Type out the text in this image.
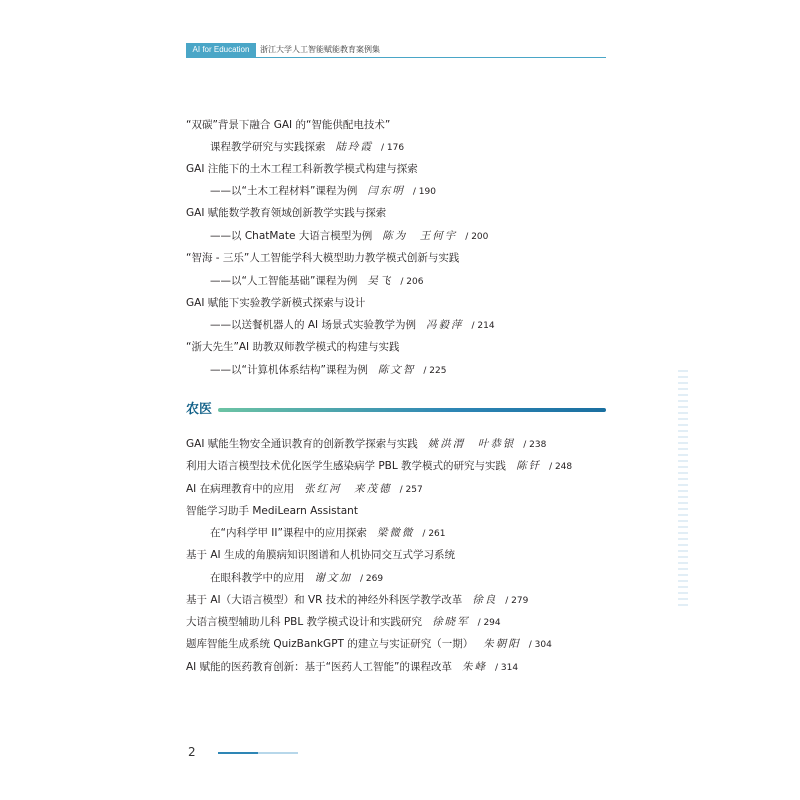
AI for Education	浙江大学人工智能赋能教育案例集
“双碳”背景下融合 GAI 的“智能供配电技术”
课程教学研究与实践探索 陆玲霞 / 176
GAI 注能下的土木工程工科新教学模式构建与探索
——以“土木工程材料”课程为例 闫东明 / 190
GAI 赋能数学教育领域创新教学实践与探索
——以 ChatMate 大语言模型为例 陈为　王何宇 / 200
“智海 - 三乐”人工智能学科大模型助力教学模式创新与实践
——以“人工智能基础”课程为例 吴飞 / 206
GAI 赋能下实验教学新模式探索与设计
——以送餐机器人的 AI 场景式实验教学为例 冯毅萍 / 214
“浙大先生”AI 助教双师教学模式的构建与实践
——以“计算机体系结构”课程为例 陈文智 / 225
GAI 赋能生物安全通识教育的创新教学探索与实践 姚洪渭　叶恭银 / 238
利用大语言模型技术优化医学生感染病学 PBL 教学模式的研究与实践 陈钎 / 248
AI 在病理教育中的应用 张红河　来茂德 / 257
智能学习助手 MediLearn Assistant
在“内科学甲 II”课程中的应用探索 梁微微 / 261
基于 AI 生成的角膜病知识图谱和人机协同交互式学习系统
在眼科教学中的应用 谢文加 / 269
基于 AI（大语言模型）和 VR 技术的神经外科医学教学改革 徐良 / 279
大语言模型辅助儿科 PBL 教学模式设计和实践研究 徐晓军 / 294
题库智能生成系统 QuizBankGPT 的建立与实证研究（一期） 朱朝阳 / 304
AI 赋能的医药教育创新：基于“医药人工智能”的课程改革 朱峰 / 314
农医
2
